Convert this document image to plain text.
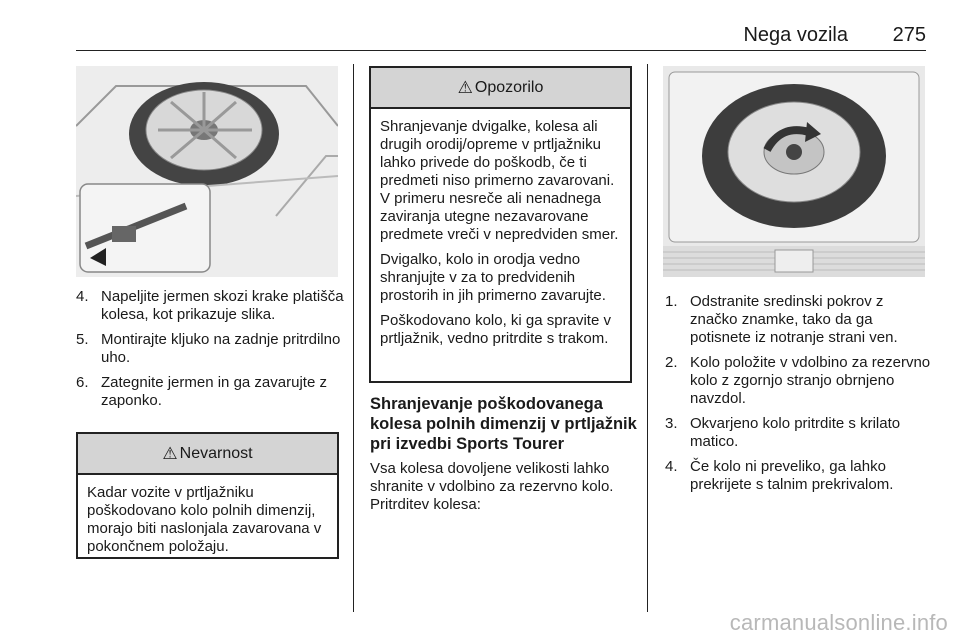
Nega vozila 275
4. Napeljite jermen skozi krake platišča kolesa, kot prikazuje slika.
5. Montirajte kljuko na zadnje pritrdilno uho.
6. Zategnite jermen in ga zavarujte z zaponko.
⚠ Nevarnost

Kadar vozite v prtljažniku poškodovano kolo polnih dimenzij, morajo biti naslonjala zavarovana v pokončnem položaju.

⚠ Opozorilo

Shranjevanje dvigalke, kolesa ali drugih orodij/opreme v prtljažniku lahko privede do poškodb, če ti predmeti niso primerno zavarovani. V primeru nesreče ali nenadnega zaviranja utegne nezavarovane predmete vreči v nepredviden smer.

Dvigalko, kolo in orodja vedno shranjujte v za to predvidenih prostorih in jih primerno zavarujte.

Poškodovano kolo, ki ga spravite v prtljažnik, vedno pritrdite s trakom.

Shranjevanje poškodovanega kolesa polnih dimenzij v prtljažnik pri izvedbi Sports Tourer

Vsa kolesa dovoljene velikosti lahko shranite v vdolbino za rezervno kolo. Pritrditev kolesa:

1. Odstranite sredinski pokrov z značko znamke, tako da ga potisnete iz notranje strani ven.
2. Kolo položite v vdolbino za rezervno kolo z zgornjo stranjo obrnjeno navzdol.
3. Okvarjeno kolo pritrdite s krilato matico.
4. Če kolo ni preveliko, ga lahko prekrijete s talnim prekrivalom.
carmanualsonline.info
